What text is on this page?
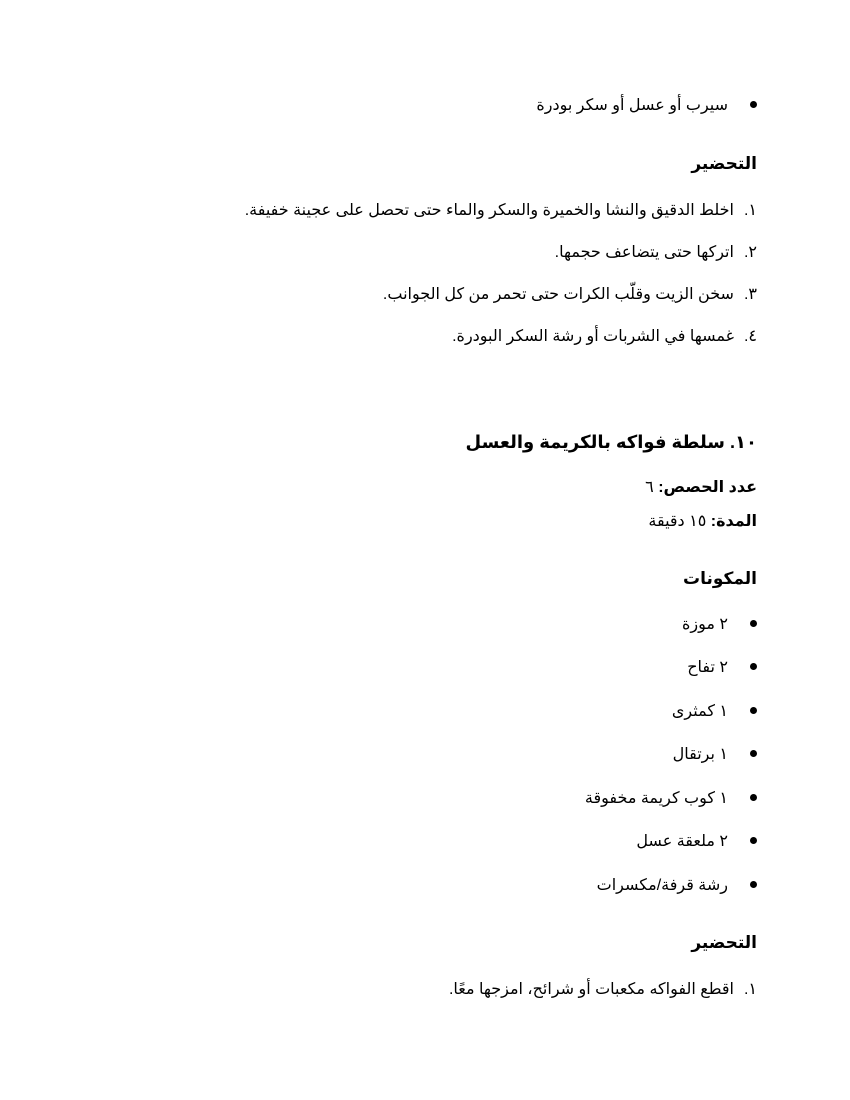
سيرب أو عسل أو سكر بودرة
التحضير
١.اخلط الدقيق والنشا والخميرة والسكر والماء حتى تحصل على عجينة خفيفة.
٢.اتركها حتى يتضاعف حجمها.
٣.سخن الزيت وقلّب الكرات حتى تحمر من كل الجوانب.
٤.غمسها في الشربات أو رشة السكر البودرة.
١٠. سلطة فواكه بالكريمة والعسل
عدد الحصص: ٦
المدة: ١٥ دقيقة
المكونات
٢ موزة
٢ تفاح
١ كمثرى
١ برتقال
١ كوب كريمة مخفوقة
٢ ملعقة عسل
رشة قرفة/مكسرات
التحضير
١.اقطع الفواكه مكعبات أو شرائح، امزجها معًا.
